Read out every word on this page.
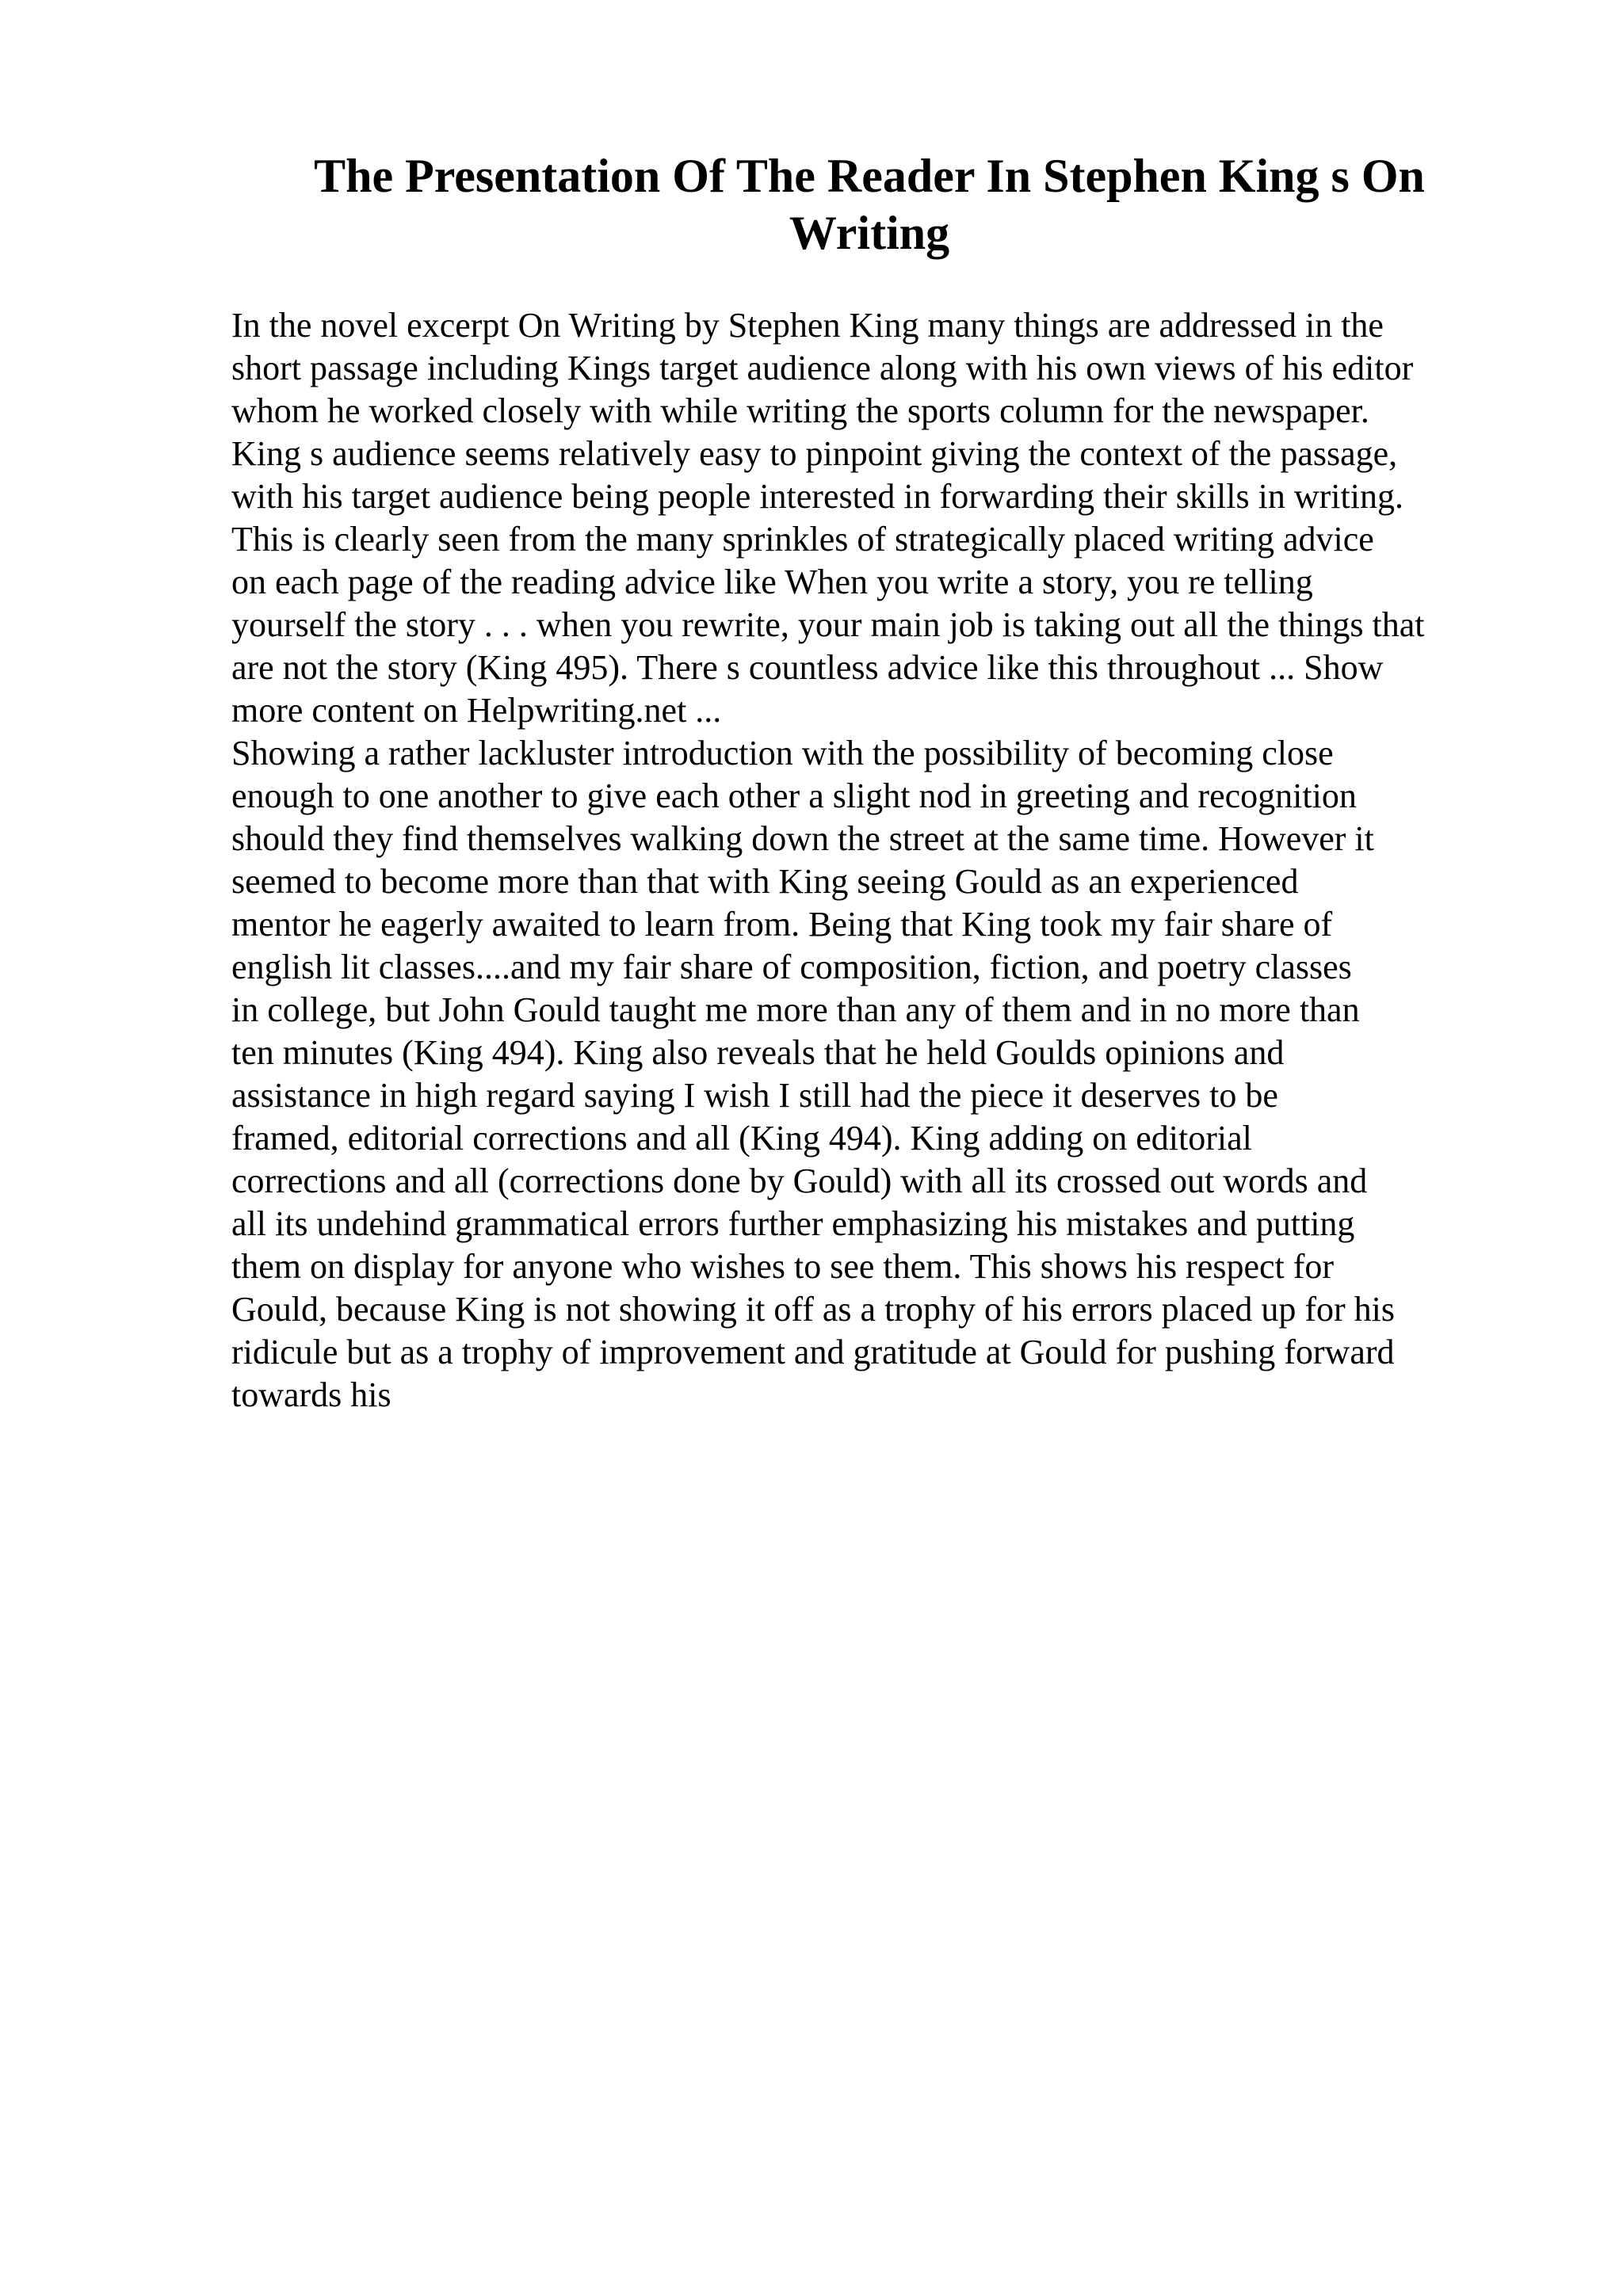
The Presentation Of The Reader In Stephen King s On
Writing
In the novel excerpt On Writing by Stephen King many things are addressed in the
short passage including Kings target audience along with his own views of his editor
whom he worked closely with while writing the sports column for the newspaper.
King s audience seems relatively easy to pinpoint giving the context of the passage,
with his target audience being people interested in forwarding their skills in writing.
This is clearly seen from the many sprinkles of strategically placed writing advice
on each page of the reading advice like When you write a story, you re telling
yourself the story . . . when you rewrite, your main job is taking out all the things that
are not the story (King 495). There s countless advice like this throughout ... Show
more content on Helpwriting.net ...
Showing a rather lackluster introduction with the possibility of becoming close
enough to one another to give each other a slight nod in greeting and recognition
should they find themselves walking down the street at the same time. However it
seemed to become more than that with King seeing Gould as an experienced
mentor he eagerly awaited to learn from. Being that King took my fair share of
english lit classes....and my fair share of composition, fiction, and poetry classes
in college, but John Gould taught me more than any of them and in no more than
ten minutes (King 494). King also reveals that he held Goulds opinions and
assistance in high regard saying I wish I still had the piece it deserves to be
framed, editorial corrections and all (King 494). King adding on editorial
corrections and all (corrections done by Gould) with all its crossed out words and
all its undehind grammatical errors further emphasizing his mistakes and putting
them on display for anyone who wishes to see them. This shows his respect for
Gould, because King is not showing it off as a trophy of his errors placed up for his
ridicule but as a trophy of improvement and gratitude at Gould for pushing forward
towards his
